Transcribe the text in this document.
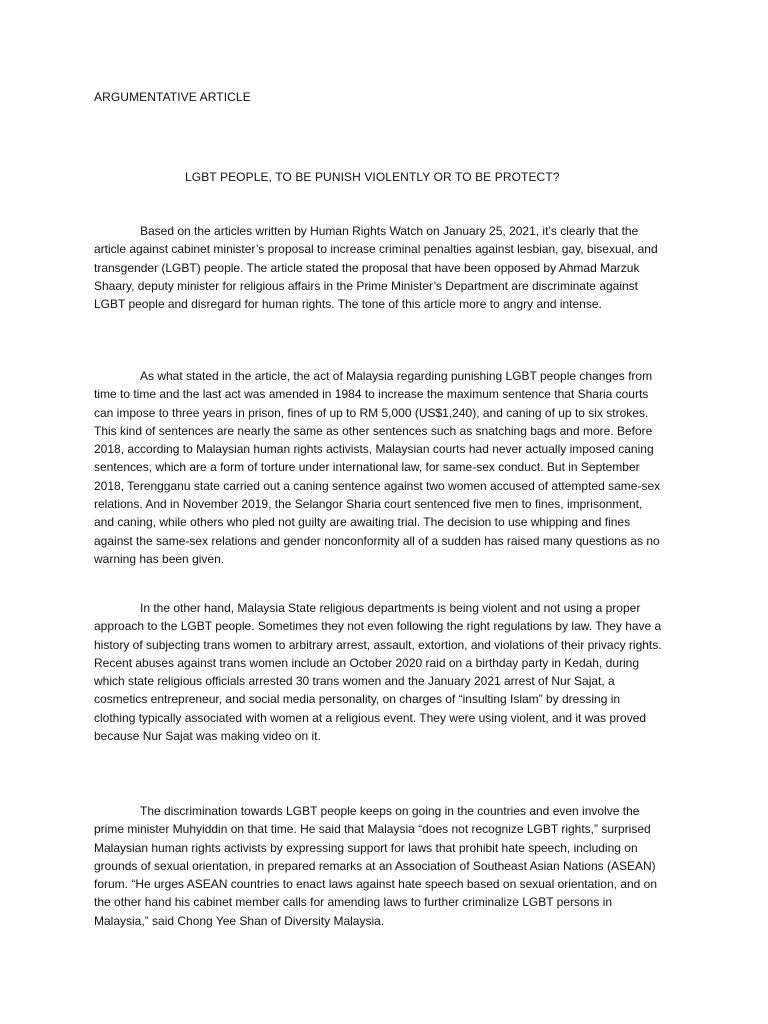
ARGUMENTATIVE ARTICLE
LGBT PEOPLE, TO BE PUNISH VIOLENTLY OR TO BE PROTECT?

Based on the articles written by Human Rights Watch on January 25, 2021, it’s clearly that the article against cabinet minister’s proposal to increase criminal penalties against lesbian, gay, bisexual, and transgender (LGBT) people. The article stated the proposal that have been opposed by Ahmad Marzuk Shaary, deputy minister for religious affairs in the Prime Minister’s Department are discriminate against LGBT people and disregard for human rights. The tone of this article more to angry and intense.

As what stated in the article, the act of Malaysia regarding punishing LGBT people changes from time to time and the last act was amended in 1984 to increase the maximum sentence that Sharia courts can impose to three years in prison, fines of up to RM 5,000 (US$1,240), and caning of up to six strokes. This kind of sentences are nearly the same as other sentences such as snatching bags and more. Before 2018, according to Malaysian human rights activists, Malaysian courts had never actually imposed caning sentences, which are a form of torture under international law, for same-sex conduct. But in September 2018, Terengganu state carried out a caning sentence against two women accused of attempted same-sex relations. And in November 2019, the Selangor Sharia court sentenced five men to fines, imprisonment, and caning, while others who pled not guilty are awaiting trial. The decision to use whipping and fines against the same-sex relations and gender nonconformity all of a sudden has raised many questions as no warning has been given.

In the other hand, Malaysia State religious departments is being violent and not using a proper approach to the LGBT people. Sometimes they not even following the right regulations by law. They have a history of subjecting trans women to arbitrary arrest, assault, extortion, and violations of their privacy rights. Recent abuses against trans women include an October 2020 raid on a birthday party in Kedah, during which state religious officials arrested 30 trans women and the January 2021 arrest of Nur Sajat, a cosmetics entrepreneur, and social media personality, on charges of “insulting Islam” by dressing in clothing typically associated with women at a religious event. They were using violent, and it was proved because Nur Sajat was making video on it.

The discrimination towards LGBT people keeps on going in the countries and even involve the prime minister Muhyiddin on that time. He said that Malaysia “does not recognize LGBT rights,” surprised Malaysian human rights activists by expressing support for laws that prohibit hate speech, including on grounds of sexual orientation, in prepared remarks at an Association of Southeast Asian Nations (ASEAN) forum. “He urges ASEAN countries to enact laws against hate speech based on sexual orientation, and on the other hand his cabinet member calls for amending laws to further criminalize LGBT persons in Malaysia,” said Chong Yee Shan of Diversity Malaysia.
